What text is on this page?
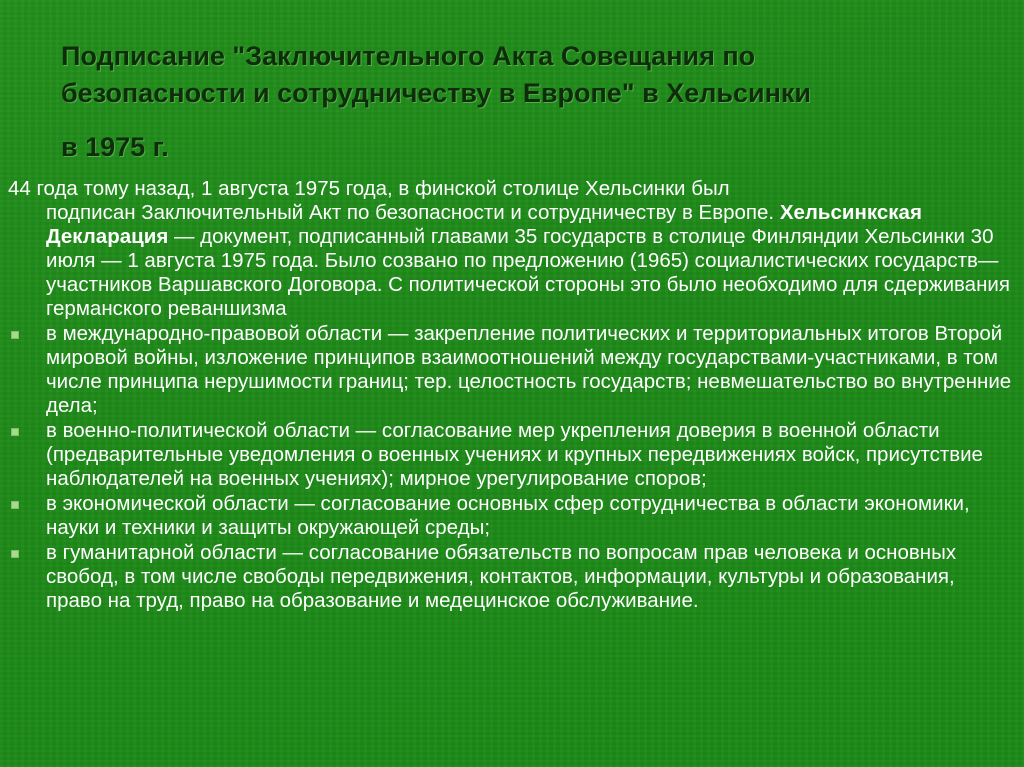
Подписание "Заключительного Акта Совещания по
безопасности и сотрудничеству в Европе" в Хельсинки
в 1975 г.

44 года тому назад, 1 августа 1975 года, в финской столице Хельсинки был
подписан Заключительный Акт по безопасности и сотрудничеству в Европе. Хельсинкская Декларация — документ, подписанный главами 35 государств в столице Финляндии Хельсинки 30 июля — 1 августа 1975 года. Было созвано по предложению (1965) социалистических государств—участников Варшавского Договора. С политической стороны это было необходимо для сдерживания германского реваншизма

в международно-правовой области — закрепление политических и территориальных итогов Второй мировой войны, изложение принципов взаимоотношений между государствами-участниками, в том числе принципа нерушимости границ; тер. целостность государств; невмешательство во внутренние дела;
в военно-политической области — согласование мер укрепления доверия в военной области (предварительные уведомления о военных учениях и крупных передвижениях войск, присутствие наблюдателей на военных учениях); мирное урегулирование споров;
в экономической области — согласование основных сфер сотрудничества в области экономики, науки и техники и защиты окружающей среды;
в гуманитарной области — согласование обязательств по вопросам прав человека и основных свобод, в том числе свободы передвижения, контактов, информации, культуры и образования, право на труд, право на образование и медецинское обслуживание.
